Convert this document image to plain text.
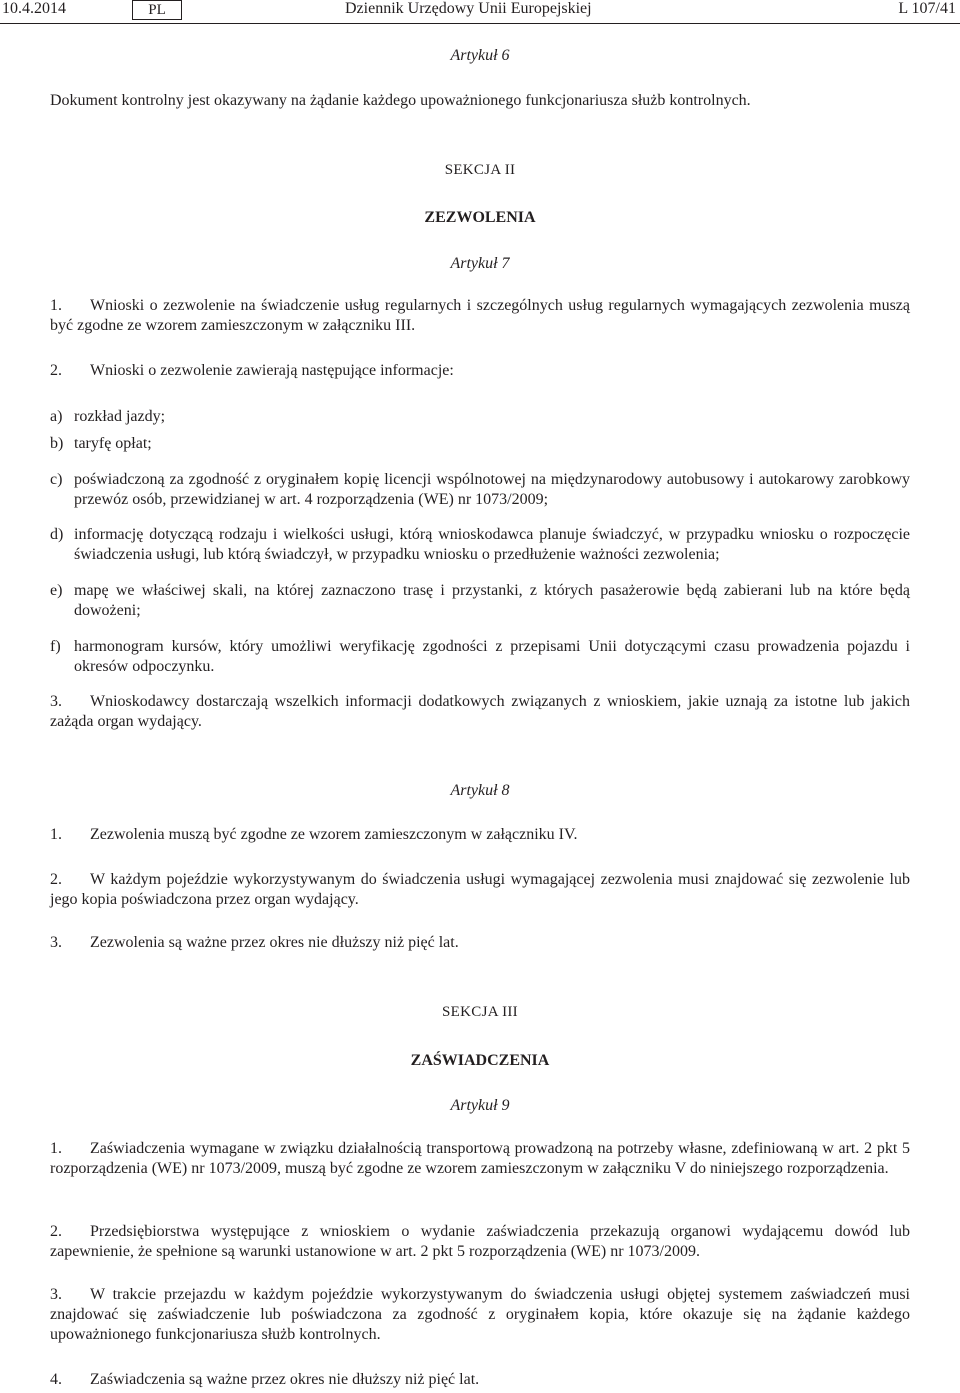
10.4.2014	PL	Dziennik Urzędowy Unii Europejskiej	L 107/41

Artykuł 6

Dokument kontrolny jest okazywany na żądanie każdego upoważnionego funkcjonariusza służb kontrolnych.

SEKCJA II

ZEZWOLENIA

Artykuł 7

1. Wnioski o zezwolenie na świadczenie usług regularnych i szczególnych usług regularnych wymagających zezwolenia muszą być zgodne ze wzorem zamieszczonym w załączniku III.
2. Wnioski o zezwolenie zawierają następujące informacje:
a) rozkład jazdy;
b) taryfę opłat;
c) poświadczoną za zgodność z oryginałem kopię licencji wspólnotowej na międzynarodowy autobusowy i autokarowy zarobkowy przewóz osób, przewidzianej w art. 4 rozporządzenia (WE) nr 1073/2009;
d) informację dotyczącą rodzaju i wielkości usługi, którą wnioskodawca planuje świadczyć, w przypadku wniosku o rozpoczęcie świadczenia usługi, lub którą świadczył, w przypadku wniosku o przedłużenie ważności zezwolenia;
e) mapę we właściwej skali, na której zaznaczono trasę i przystanki, z których pasażerowie będą zabierani lub na które będą dowożeni;
f) harmonogram kursów, który umożliwi weryfikację zgodności z przepisami Unii dotyczącymi czasu prowadzenia pojazdu i okresów odpoczynku.
3. Wnioskodawcy dostarczają wszelkich informacji dodatkowych związanych z wnioskiem, jakie uznają za istotne lub jakich zażąda organ wydający.

Artykuł 8

1. Zezwolenia muszą być zgodne ze wzorem zamieszczonym w załączniku IV.
2. W każdym pojeździe wykorzystywanym do świadczenia usługi wymagającej zezwolenia musi znajdować się zezwolenie lub jego kopia poświadczona przez organ wydający.
3. Zezwolenia są ważne przez okres nie dłuższy niż pięć lat.

SEKCJA III

ZAŚWIADCZENIA

Artykuł 9

1. Zaświadczenia wymagane w związku działalnością transportową prowadzoną na potrzeby własne, zdefiniowaną w art. 2 pkt 5 rozporządzenia (WE) nr 1073/2009, muszą być zgodne ze wzorem zamieszczonym w załączniku V do niniejszego rozporządzenia.
2. Przedsiębiorstwa występujące z wnioskiem o wydanie zaświadczenia przekazują organowi wydającemu dowód lub zapewnienie, że spełnione są warunki ustanowione w art. 2 pkt 5 rozporządzenia (WE) nr 1073/2009.
3. W trakcie przejazdu w każdym pojeździe wykorzystywanym do świadczenia usługi objętej systemem zaświadczeń musi znajdować się zaświadczenie lub poświadczona za zgodność z oryginałem kopia, które okazuje się na żądanie każdego upoważnionego funkcjonariusza służb kontrolnych.
4. Zaświadczenia są ważne przez okres nie dłuższy niż pięć lat.
